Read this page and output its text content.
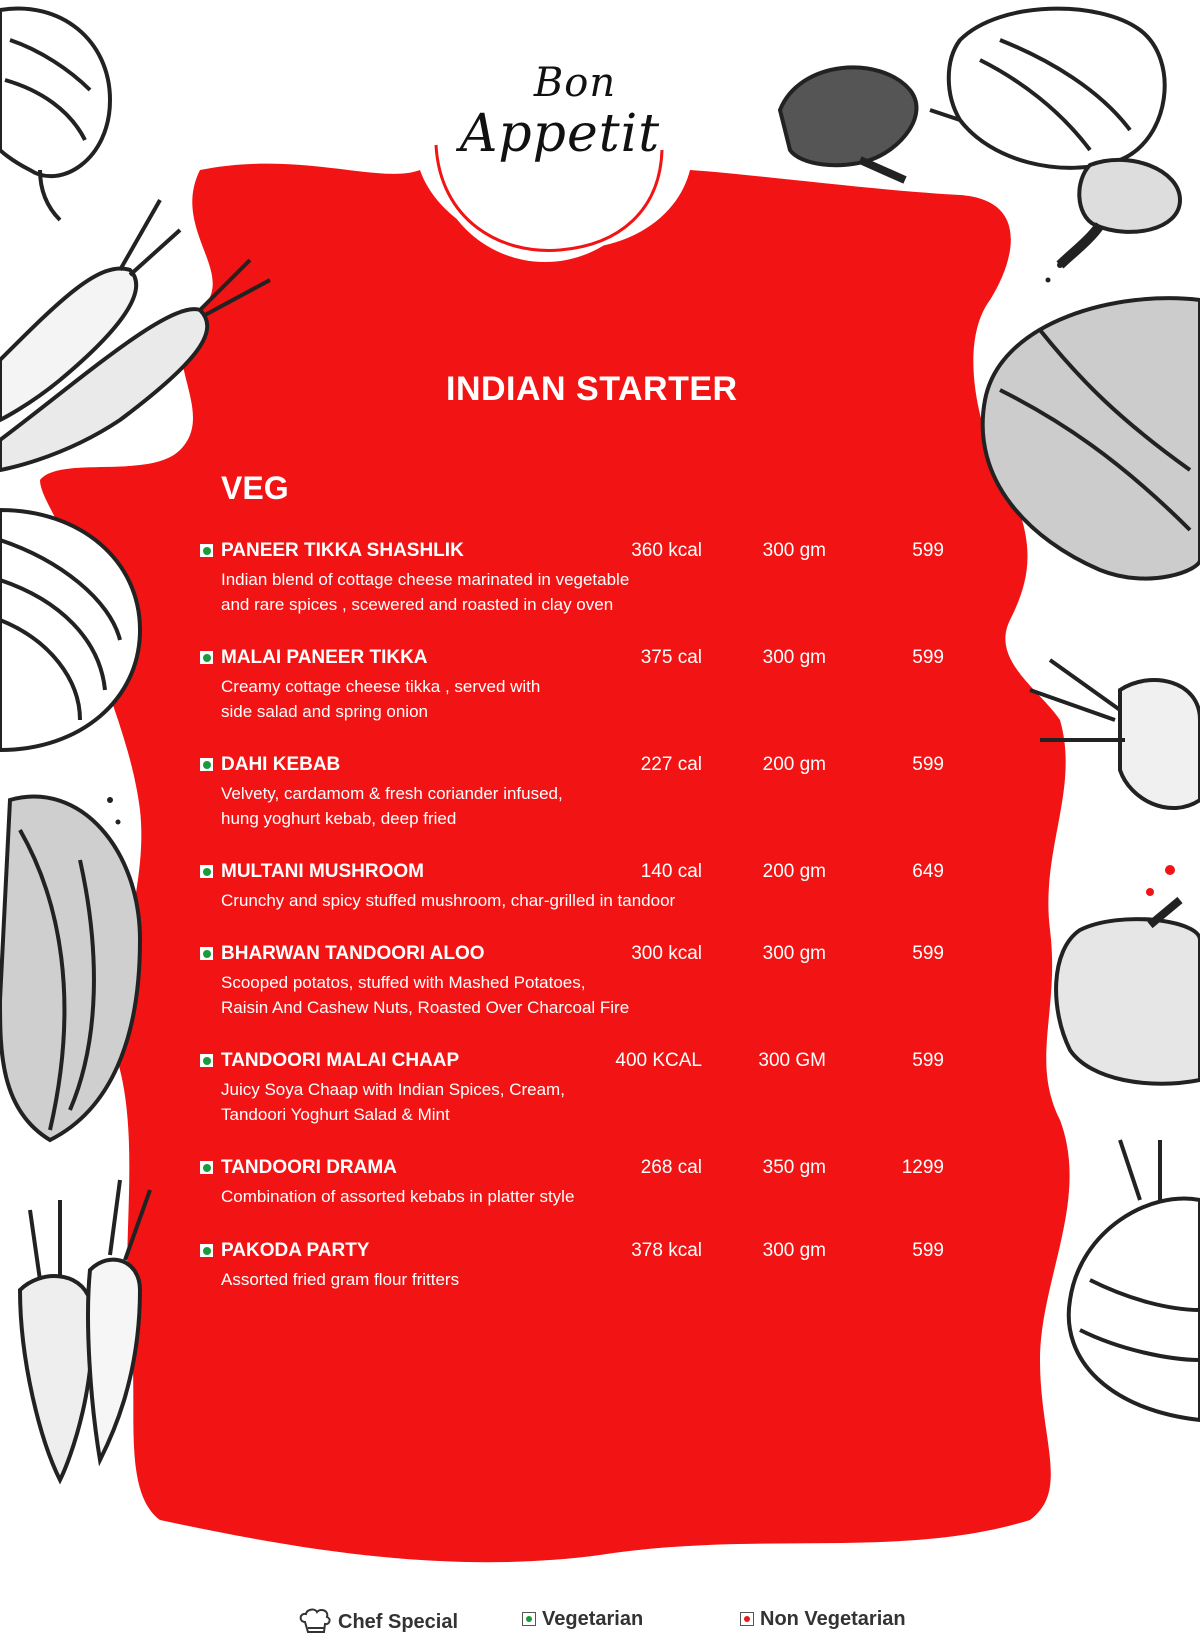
Bon
Appetit
INDIAN STARTER
VEG
PANEER TIKKA SHASHLIK
Indian blend of cottage cheese marinated in vegetable
and rare spices , scewered and roasted in clay oven
360 kcal	300 gm	599
MALAI PANEER TIKKA
Creamy cottage cheese tikka , served with
side salad and spring onion
375 cal	300 gm	599
DAHI KEBAB
Velvety, cardamom & fresh coriander infused,
hung yoghurt kebab, deep fried
227 cal	200 gm	599
MULTANI MUSHROOM
Crunchy and spicy stuffed mushroom, char-grilled in tandoor
140 cal	200 gm	649
BHARWAN TANDOORI ALOO
Scooped potatos, stuffed with Mashed Potatoes,
Raisin And Cashew Nuts, Roasted Over Charcoal Fire
300 kcal	300 gm	599
TANDOORI MALAI CHAAP
Juicy Soya Chaap with Indian Spices, Cream,
Tandoori Yoghurt Salad & Mint
400 KCAL	300 GM	599
TANDOORI DRAMA
Combination of assorted kebabs in platter style
268 cal	350 gm	1299
PAKODA PARTY
Assorted fried gram flour fritters
378 kcal	300 gm	599
Chef Special	Vegetarian	Non Vegetarian
